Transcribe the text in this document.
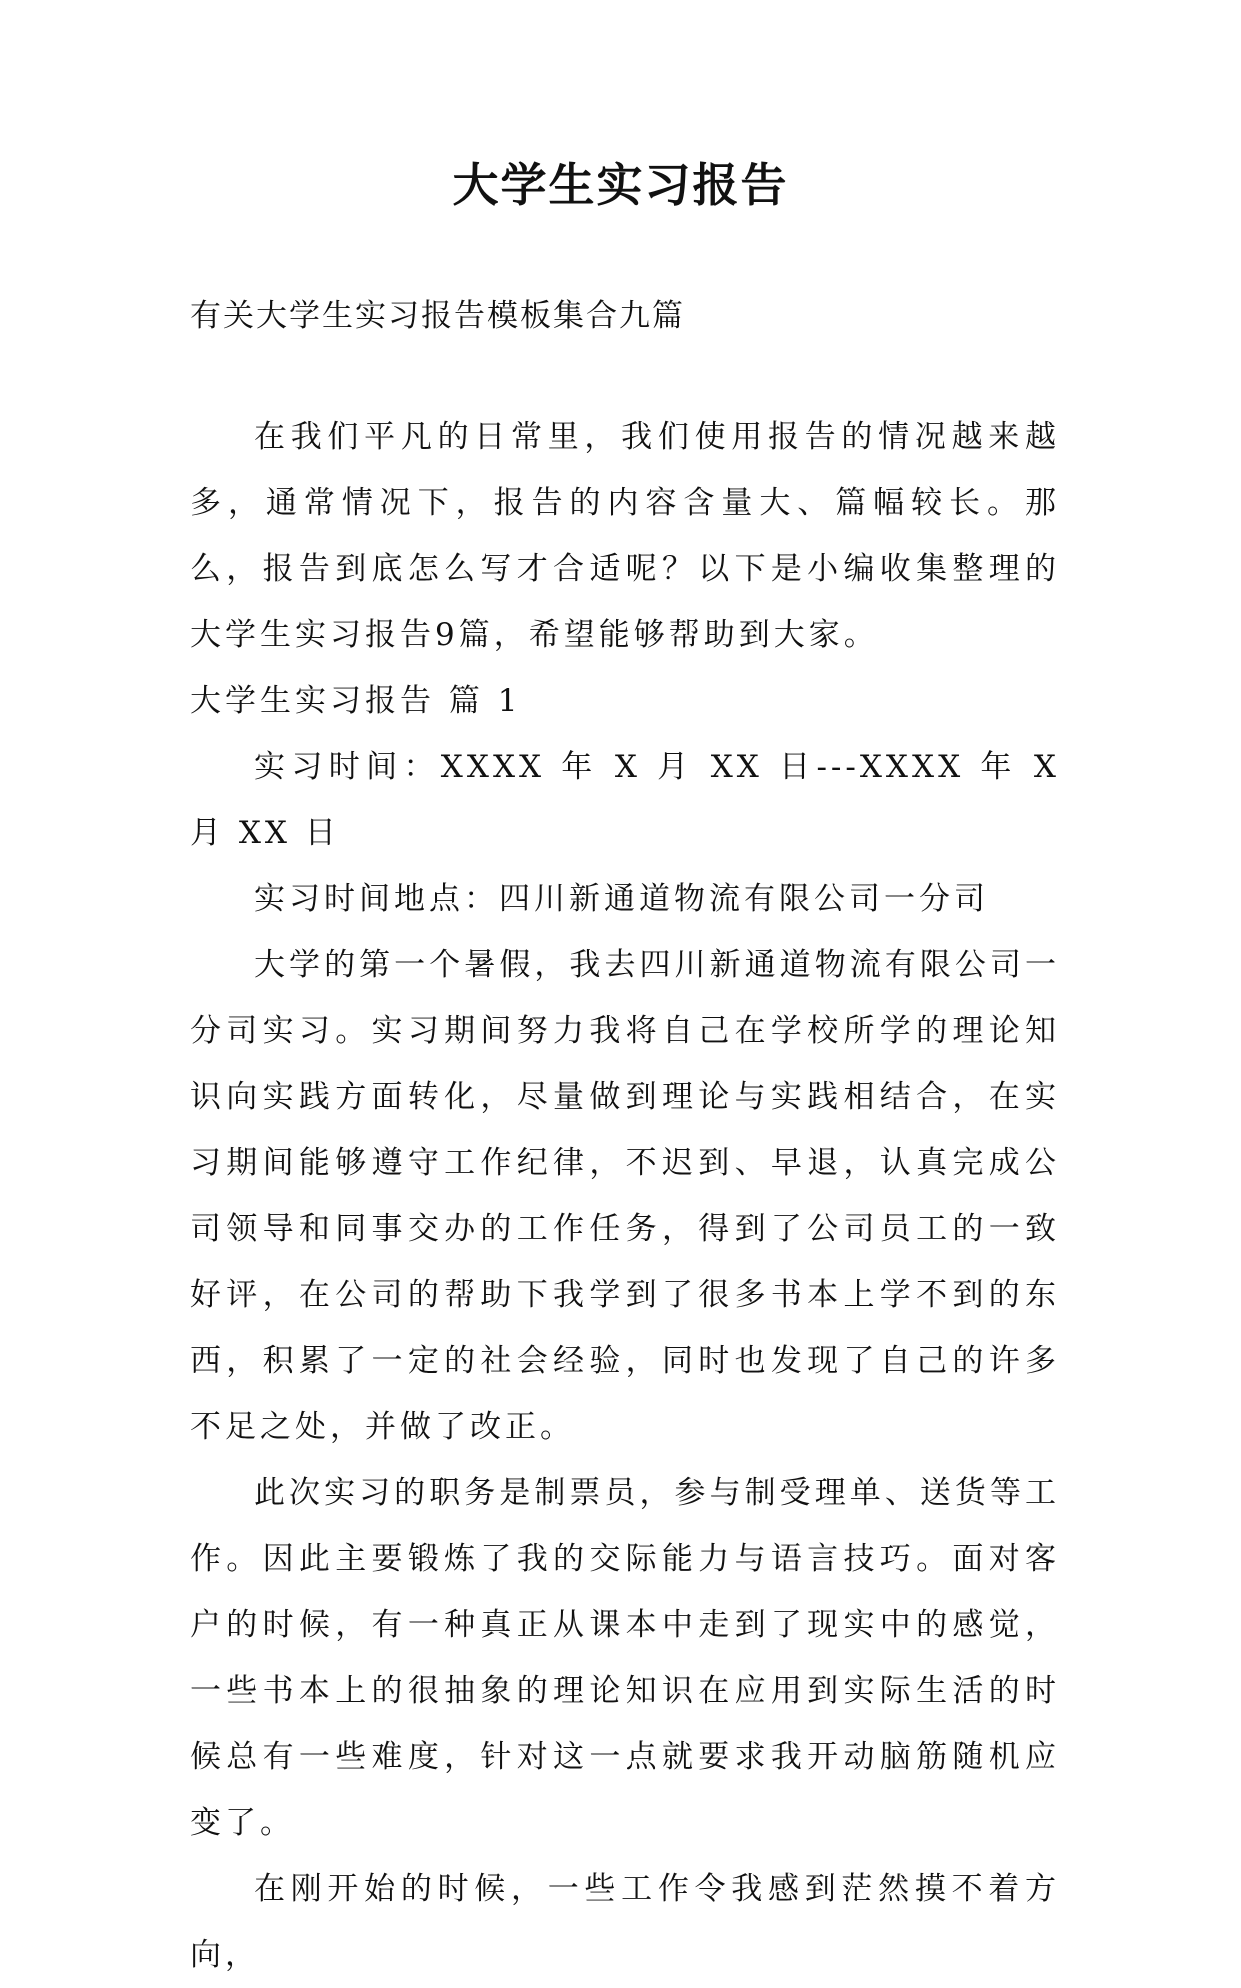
大学生实习报告
有关大学生实习报告模板集合九篇

在我们平凡的日常里，我们使用报告的情况越来越多，通常情况下，报告的内容含量大、篇幅较长。那么，报告到底怎么写才合适呢？以下是小编收集整理的大学生实习报告9篇，希望能够帮助到大家。

大学生实习报告 篇 1

实习时间：XXXX 年 X 月 XX 日---XXXX 年 X 月 XX 日

实习时间地点：四川新通道物流有限公司一分司

大学的第一个暑假，我去四川新通道物流有限公司一分司实习。实习期间努力我将自己在学校所学的理论知识向实践方面转化，尽量做到理论与实践相结合，在实习期间能够遵守工作纪律，不迟到、早退，认真完成公司领导和同事交办的工作任务，得到了公司员工的一致好评，在公司的帮助下我学到了很多书本上学不到的东西，积累了一定的社会经验，同时也发现了自己的许多不足之处，并做了改正。

此次实习的职务是制票员，参与制受理单、送货等工作。因此主要锻炼了我的交际能力与语言技巧。面对客户的时候，有一种真正从课本中走到了现实中的感觉，一些书本上的很抽象的理论知识在应用到实际生活的时候总有一些难度，针对这一点就要求我开动脑筋随机应变了。

在刚开始的时候，一些工作令我感到茫然摸不着方向，
